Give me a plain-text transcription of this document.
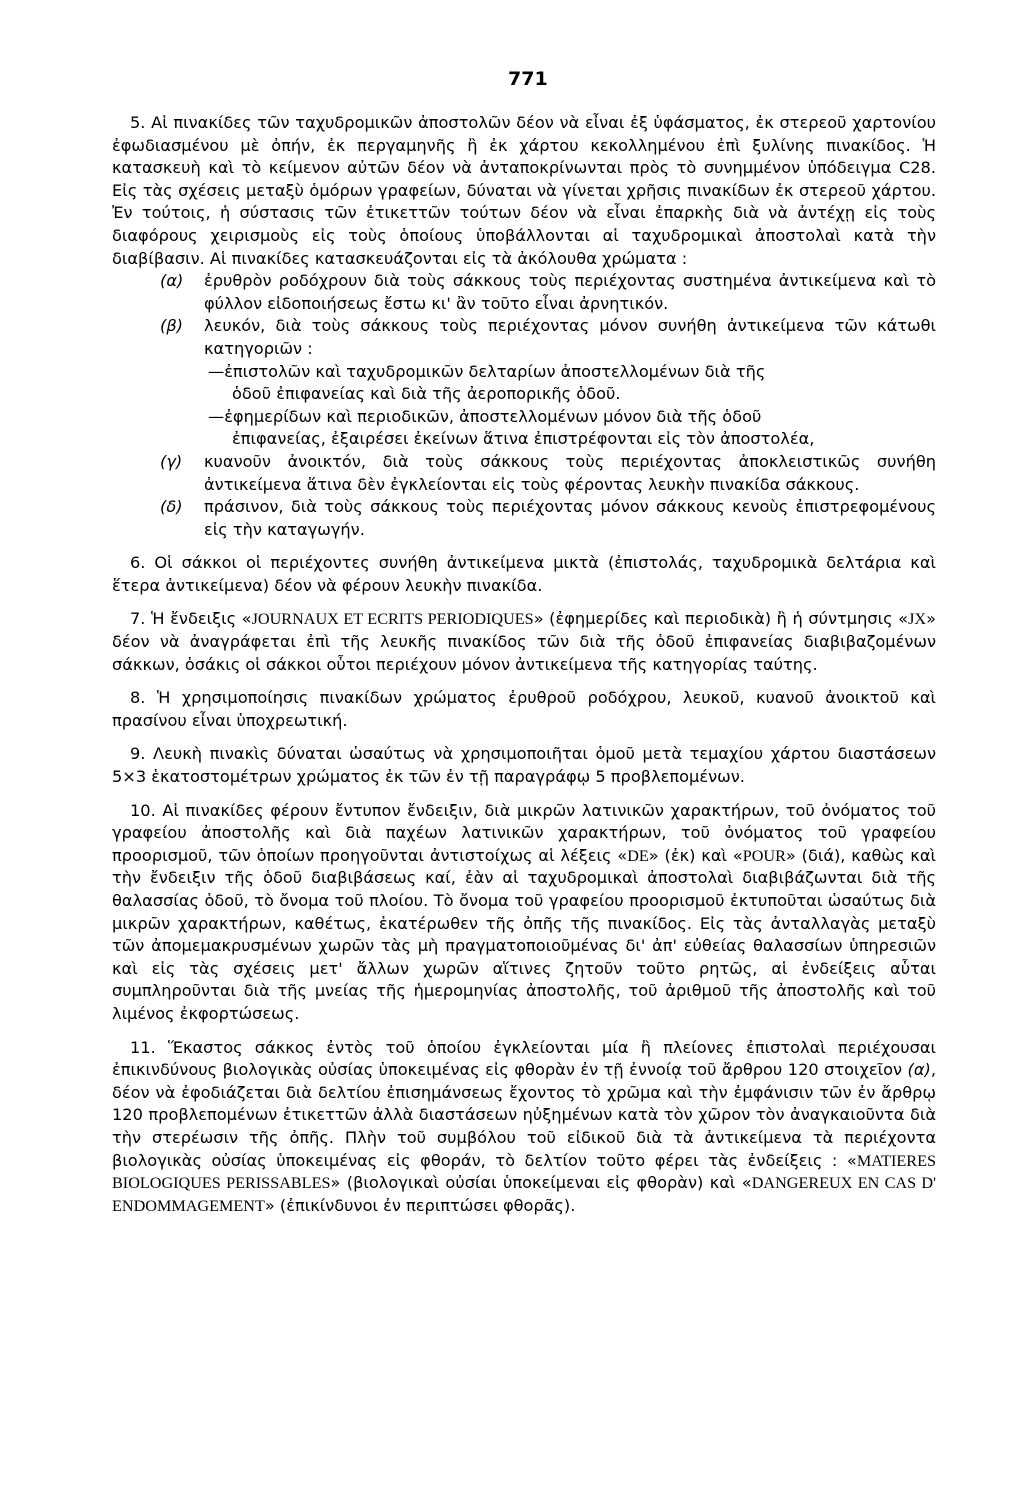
771

5. Αἱ πινακίδες τῶν ταχυδρομικῶν ἀποστολῶν δέον νὰ εἶναι ἐξ ὑφάσματος, ἐκ στερεοῦ χαρτονίου ἐφωδιασμένου μὲ ὀπήν, ἐκ περγαμηνῆς ἢ ἐκ χάρτου κεκολλημένου ἐπὶ ξυλίνης πινακίδος. Ἡ κατασκευὴ καὶ τὸ κείμενον αὐτῶν δέον νὰ ἀνταποκρίνωνται πρὸς τὸ συνημμένον ὑπόδειγμα C28. Εἰς τὰς σχέσεις μεταξὺ ὁμόρων γραφείων, δύναται νὰ γίνεται χρῆσις πινακίδων ἐκ στερεοῦ χάρτου. Ἐν τούτοις, ἡ σύστασις τῶν ἐτικεττῶν τούτων δέον νὰ εἶναι ἐπαρκὴς διὰ νὰ ἀντέχῃ εἰς τοὺς διαφόρους χειρισμοὺς εἰς τοὺς ὁποίους ὑποβάλλονται αἱ ταχυδρομικαὶ ἀποστολαὶ κατὰ τὴν διαβίβασιν. Αἱ πινακίδες κατασκευάζονται εἰς τὰ ἀκόλουθα χρώματα :

(α)	ἐρυθρὸν ροδόχρουν διὰ τοὺς σάκκους τοὺς περιέχοντας συστημένα ἀντικείμενα καὶ τὸ φύλλον εἰδοποιήσεως ἔστω κι' ἂν τοῦτο εἶναι ἀρνητικόν.
(β)	λευκόν, διὰ τοὺς σάκκους τοὺς περιέχοντας μόνον συνήθη ἀντικείμενα τῶν κάτωθι κατηγοριῶν :

—ἐπιστολῶν καὶ ταχυδρομικῶν δελταρίων ἀποστελλομένων διὰ τῆς

ὁδοῦ ἐπιφανείας καὶ διὰ τῆς ἀεροπορικῆς ὁδοῦ.

—ἐφημερίδων καὶ περιοδικῶν, ἀποστελλομένων μόνον διὰ τῆς ὁδοῦ

ἐπιφανείας, ἐξαιρέσει ἐκείνων ἅτινα ἐπιστρέφονται εἰς τὸν ἀποστολέα,

(γ)	κυανοῦν ἀνοικτόν, διὰ τοὺς σάκκους τοὺς περιέχοντας ἀποκλειστικῶς συνήθη ἀντικείμενα ἅτινα δὲν ἐγκλείονται εἰς τοὺς φέροντας λευκὴν πινακίδα σάκκους.
(δ)	πράσινον, διὰ τοὺς σάκκους τοὺς περιέχοντας μόνον σάκκους κενοὺς ἐπιστρεφομένους εἰς τὴν καταγωγήν.

6. Οἱ σάκκοι οἱ περιέχοντες συνήθη ἀντικείμενα μικτὰ (ἐπιστολάς, ταχυδρομικὰ δελτάρια καὶ ἕτερα ἀντικείμενα) δέον νὰ φέρουν λευκὴν πινακίδα.

7. Ἡ ἔνδειξις «JOURNAUX ET ECRITS PERIODIQUES» (ἐφημερίδες καὶ περιοδικὰ) ἢ ἡ σύντμησις «JX» δέον νὰ ἀναγράφεται ἐπὶ τῆς λευκῆς πινακίδος τῶν διὰ τῆς ὁδοῦ ἐπιφανείας διαβιβαζομένων σάκκων, ὁσάκις οἱ σάκκοι οὗτοι περιέχουν μόνον ἀντικείμενα τῆς κατηγορίας ταύτης.

8. Ἡ χρησιμοποίησις πινακίδων χρώματος ἐρυθροῦ ροδόχρου, λευκοῦ, κυανοῦ ἀνοικτοῦ καὶ πρασίνου εἶναι ὑποχρεωτική.

9. Λευκὴ πινακὶς δύναται ὡσαύτως νὰ χρησιμοποιῆται ὁμοῦ μετὰ τεμαχίου χάρτου διαστάσεων 5×3 ἑκατοστομέτρων χρώματος ἐκ τῶν ἐν τῇ παραγράφῳ 5 προβλεπομένων.

10. Αἱ πινακίδες φέρουν ἔντυπον ἔνδειξιν, διὰ μικρῶν λατινικῶν χαρακτήρων, τοῦ ὀνόματος τοῦ γραφείου ἀποστολῆς καὶ διὰ παχέων λατινικῶν χαρακτήρων, τοῦ ὀνόματος τοῦ γραφείου προορισμοῦ, τῶν ὁποίων προηγοῦνται ἀντιστοίχως αἱ λέξεις «DE» (ἐκ) καὶ «POUR» (διά), καθὼς καὶ τὴν ἔνδειξιν τῆς ὁδοῦ διαβιβάσεως καί, ἐὰν αἱ ταχυδρομικαὶ ἀποστολαὶ διαβιβάζωνται διὰ τῆς θαλασσίας ὁδοῦ, τὸ ὄνομα τοῦ πλοίου. Τὸ ὄνομα τοῦ γραφείου προορισμοῦ ἐκτυποῦται ὡσαύτως διὰ μικρῶν χαρακτήρων, καθέτως, ἑκατέρωθεν τῆς ὀπῆς τῆς πινακίδος. Εἰς τὰς ἀνταλλαγὰς μεταξὺ τῶν ἀπομεμακρυσμένων χωρῶν τὰς μὴ πραγματοποιοῦμένας δι' ἀπ' εὐθείας θαλασσίων ὑπηρεσιῶν καὶ εἰς τὰς σχέσεις μετ' ἄλλων χωρῶν αἵτινες ζητοῦν τοῦτο ρητῶς, αἱ ἐνδείξεις αὗται συμπληροῦνται διὰ τῆς μνείας τῆς ἡμερομηνίας ἀποστολῆς, τοῦ ἀριθμοῦ τῆς ἀποστολῆς καὶ τοῦ λιμένος ἐκφορτώσεως.

11. Ἕκαστος σάκκος ἐντὸς τοῦ ὁποίου ἐγκλείονται μία ἢ πλείονες ἐπιστολαὶ περιέχουσαι ἐπικινδύνους βιολογικὰς οὐσίας ὑποκειμένας εἰς φθορὰν ἐν τῇ ἐννοίᾳ τοῦ ἄρθρου 120 στοιχεῖον (α), δέον νὰ ἐφοδιάζεται διὰ δελτίου ἐπισημάνσεως ἔχοντος τὸ χρῶμα καὶ τὴν ἐμφάνισιν τῶν ἐν ἄρθρῳ 120 προβλεπομένων ἐτικεττῶν ἀλλὰ διαστάσεων ηὐξημένων κατὰ τὸν χῶρον τὸν ἀναγκαιοῦντα διὰ τὴν στερέωσιν τῆς ὀπῆς. Πλὴν τοῦ συμβόλου τοῦ εἰδικοῦ διὰ τὰ ἀντικείμενα τὰ περιέχοντα βιολογικὰς οὐσίας ὑποκειμένας εἰς φθοράν, τὸ δελτίον τοῦτο φέρει τὰς ἐνδείξεις : «MATIERES BIOLOGIQUES PERISSABLES» (βιολογικαὶ οὐσίαι ὑποκείμεναι εἰς φθορὰν) καὶ «DANGEREUX EN CAS D' ENDOMMAGEMENT» (ἐπικίνδυνοι ἐν περιπτώσει φθορᾶς).
